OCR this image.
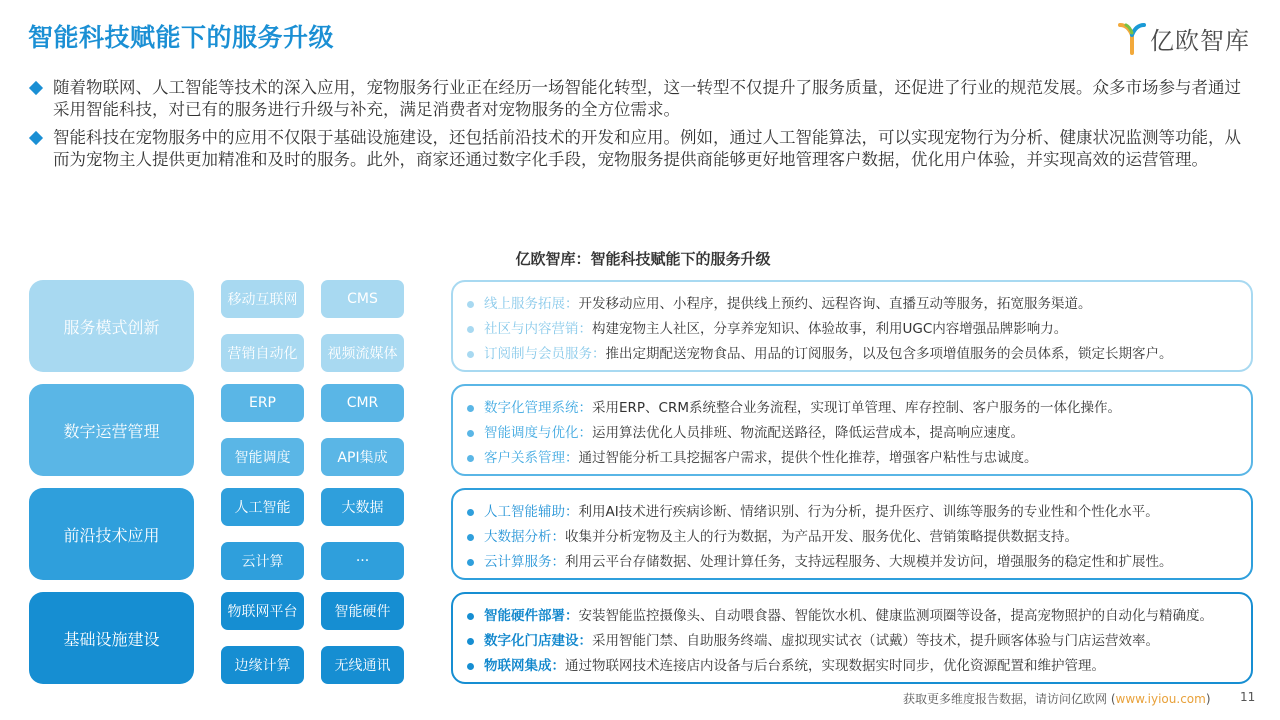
智能科技赋能下的服务升级	亿欧智库
随着物联网、人工智能等技术的深入应用，宠物服务行业正在经历一场智能化转型，这一转型不仅提升了服务质量，还促进了行业的规范发展。众多市场参与者通过采用智能科技，对已有的服务进行升级与补充，满足消费者对宠物服务的全方位需求。
智能科技在宠物服务中的应用不仅限于基础设施建设，还包括前沿技术的开发和应用。例如，通过人工智能算法，可以实现宠物行为分析、健康状况监测等功能，从而为宠物主人提供更加精准和及时的服务。此外，商家还通过数字化手段，宠物服务提供商能够更好地管理客户数据，优化用户体验，并实现高效的运营管理。
亿欧智库：智能科技赋能下的服务升级
服务模式创新
移动互联网	CMS
营销自动化	视频流媒体
线上服务拓展：开发移动应用、小程序，提供线上预约、远程咨询、直播互动等服务，拓宽服务渠道。
社区与内容营销：构建宠物主人社区，分享养宠知识、体验故事，利用UGC内容增强品牌影响力。
订阅制与会员服务：推出定期配送宠物食品、用品的订阅服务，以及包含多项增值服务的会员体系，锁定长期客户。
数字运营管理
ERP	CMR
智能调度	API集成
数字化管理系统：采用ERP、CRM系统整合业务流程，实现订单管理、库存控制、客户服务的一体化操作。
智能调度与优化：运用算法优化人员排班、物流配送路径，降低运营成本，提高响应速度。
客户关系管理：通过智能分析工具挖掘客户需求，提供个性化推荐，增强客户粘性与忠诚度。
前沿技术应用
人工智能	大数据
云计算	···
人工智能辅助：利用AI技术进行疾病诊断、情绪识别、行为分析，提升医疗、训练等服务的专业性和个性化水平。
大数据分析：收集并分析宠物及主人的行为数据，为产品开发、服务优化、营销策略提供数据支持。
云计算服务：利用云平台存储数据、处理计算任务，支持远程服务、大规模并发访问，增强服务的稳定性和扩展性。
基础设施建设
物联网平台	智能硬件
边缘计算	无线通讯
智能硬件部署：安装智能监控摄像头、自动喂食器、智能饮水机、健康监测项圈等设备，提高宠物照护的自动化与精确度。
数字化门店建设：采用智能门禁、自助服务终端、虚拟现实试衣（试戴）等技术，提升顾客体验与门店运营效率。
物联网集成：通过物联网技术连接店内设备与后台系统，实现数据实时同步，优化资源配置和维护管理。
获取更多维度报告数据，请访问亿欧网 (www.iyiou.com) 11
